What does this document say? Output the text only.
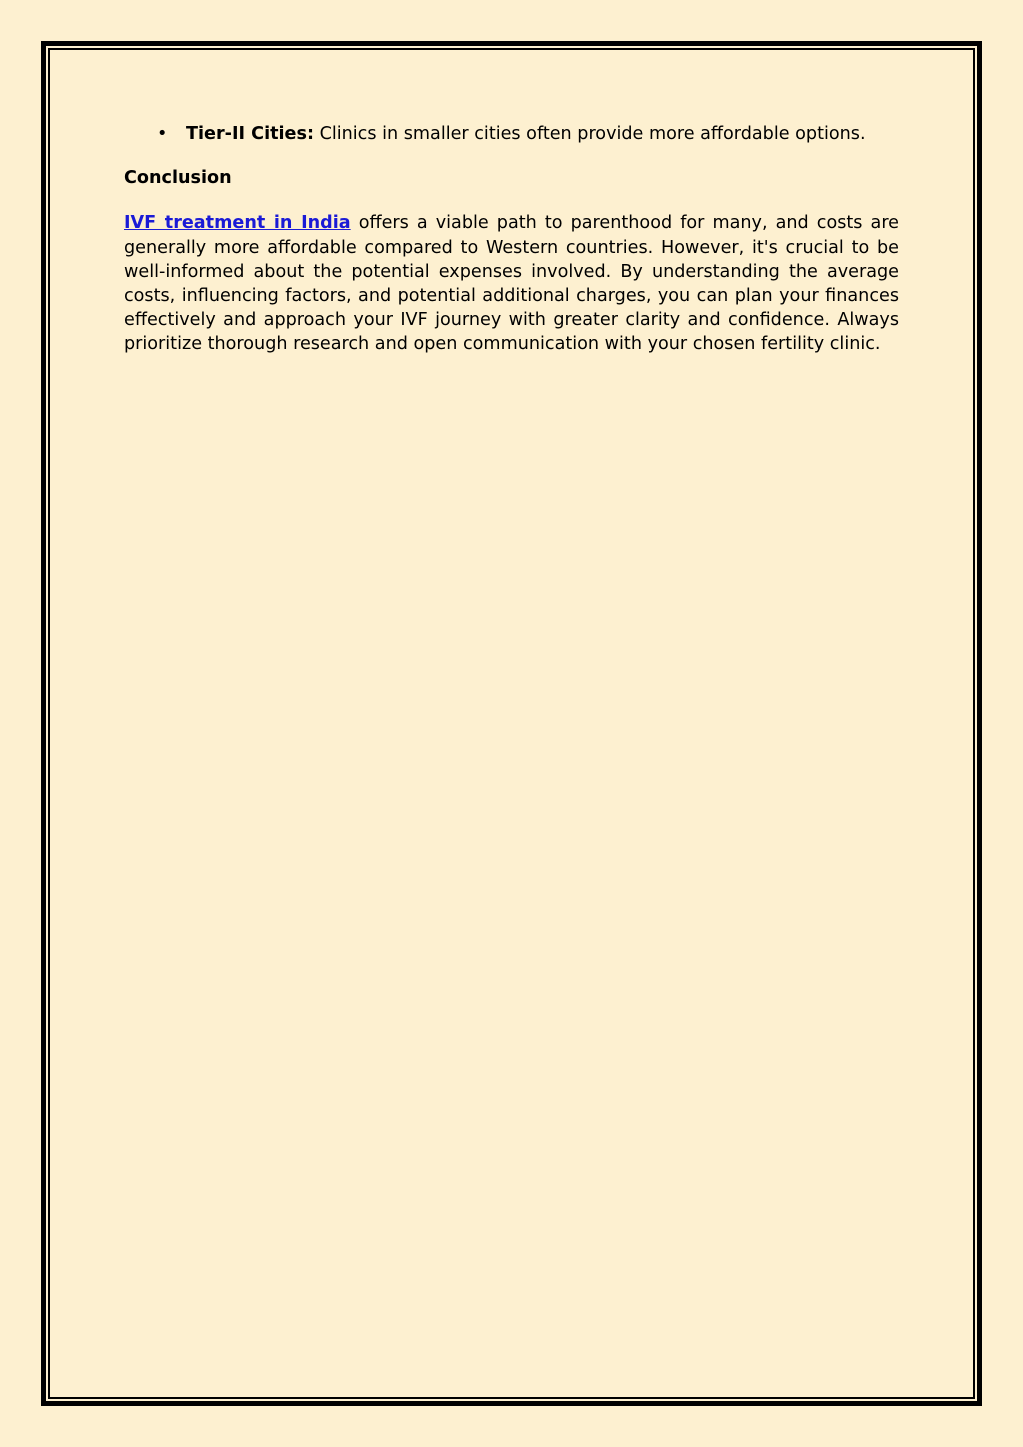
• Tier-II Cities: Clinics in smaller cities often provide more affordable options.
Conclusion

IVF treatment in India offers a viable path to parenthood for many, and costs are generally more affordable compared to Western countries. However, it's crucial to be well-informed about the potential expenses involved. By understanding the average costs, influencing factors, and potential additional charges, you can plan your finances effectively and approach your IVF journey with greater clarity and confidence. Always prioritize thorough research and open communication with your chosen fertility clinic.
